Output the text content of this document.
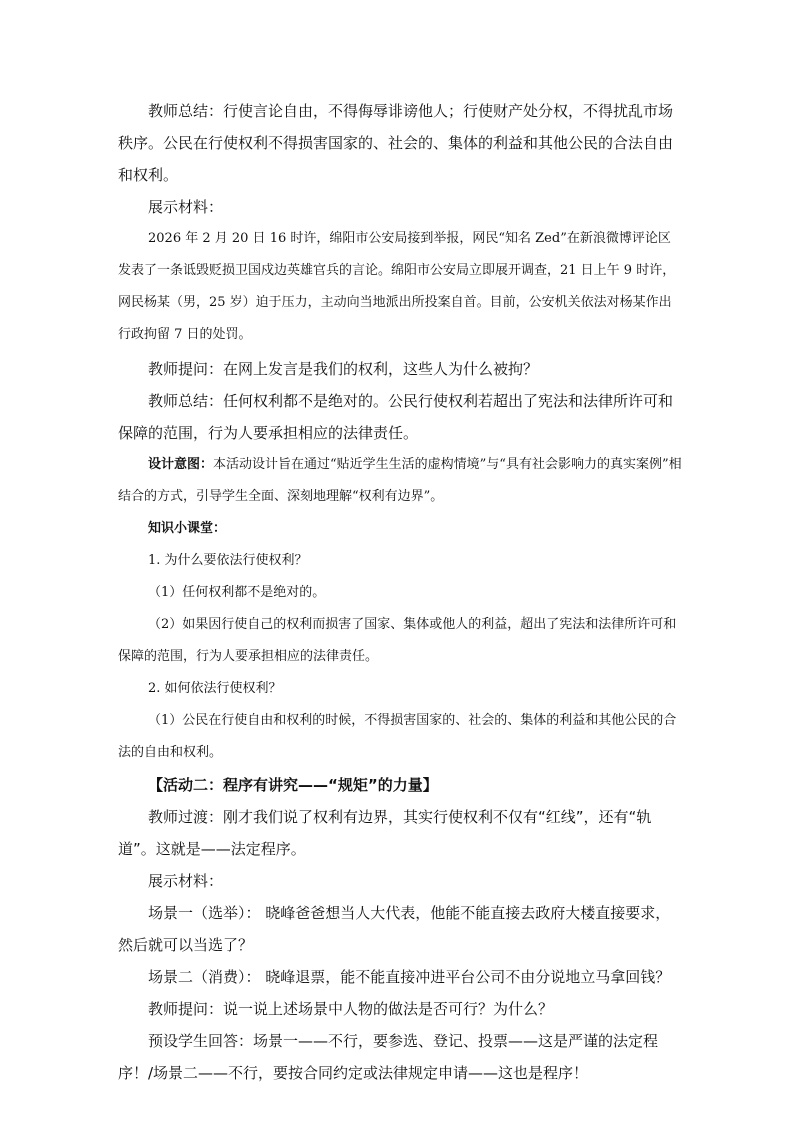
教师总结：行使言论自由，不得侮辱诽谤他人；行使财产处分权，不得扰乱市场秩序。公民在行使权利不得损害国家的、社会的、集体的利益和其他公民的合法自由和权利。

展示材料：

2026 年 2 月 20 日 16 时许，绵阳市公安局接到举报，网民“知名 Zed”在新浪微博评论区发表了一条诋毁贬损卫国戍边英雄官兵的言论。绵阳市公安局立即展开调查，21 日上午 9 时许，网民杨某（男，25 岁）迫于压力，主动向当地派出所投案自首。目前，公安机关依法对杨某作出行政拘留 7 日的处罚。

教师提问：在网上发言是我们的权利，这些人为什么被拘？

教师总结：任何权利都不是绝对的。公民行使权利若超出了宪法和法律所许可和保障的范围，行为人要承担相应的法律责任。

设计意图：本活动设计旨在通过“贴近学生生活的虚构情境”与“具有社会影响力的真实案例”相结合的方式，引导学生全面、深刻地理解“权利有边界”。

知识小课堂：

1. 为什么要依法行使权利？

（1）任何权利都不是绝对的。

（2）如果因行使自己的权利而损害了国家、集体或他人的利益，超出了宪法和法律所许可和保障的范围，行为人要承担相应的法律责任。

2. 如何依法行使权利？

（1）公民在行使自由和权利的时候，不得损害国家的、社会的、集体的利益和其他公民的合法的自由和权利。

【活动二：程序有讲究——“规矩”的力量】

教师过渡：刚才我们说了权利有边界，其实行使权利不仅有“红线”，还有“轨道”。这就是——法定程序。

展示材料：

场景一（选举）： 晓峰爸爸想当人大代表，他能不能直接去政府大楼直接要求，然后就可以当选了？

场景二（消费）： 晓峰退票，能不能直接冲进平台公司不由分说地立马拿回钱？

教师提问：说一说上述场景中人物的做法是否可行？为什么？

预设学生回答：场景一——不行，要参选、登记、投票——这是严谨的法定程序！/场景二——不行，要按合同约定或法律规定申请——这也是程序！
